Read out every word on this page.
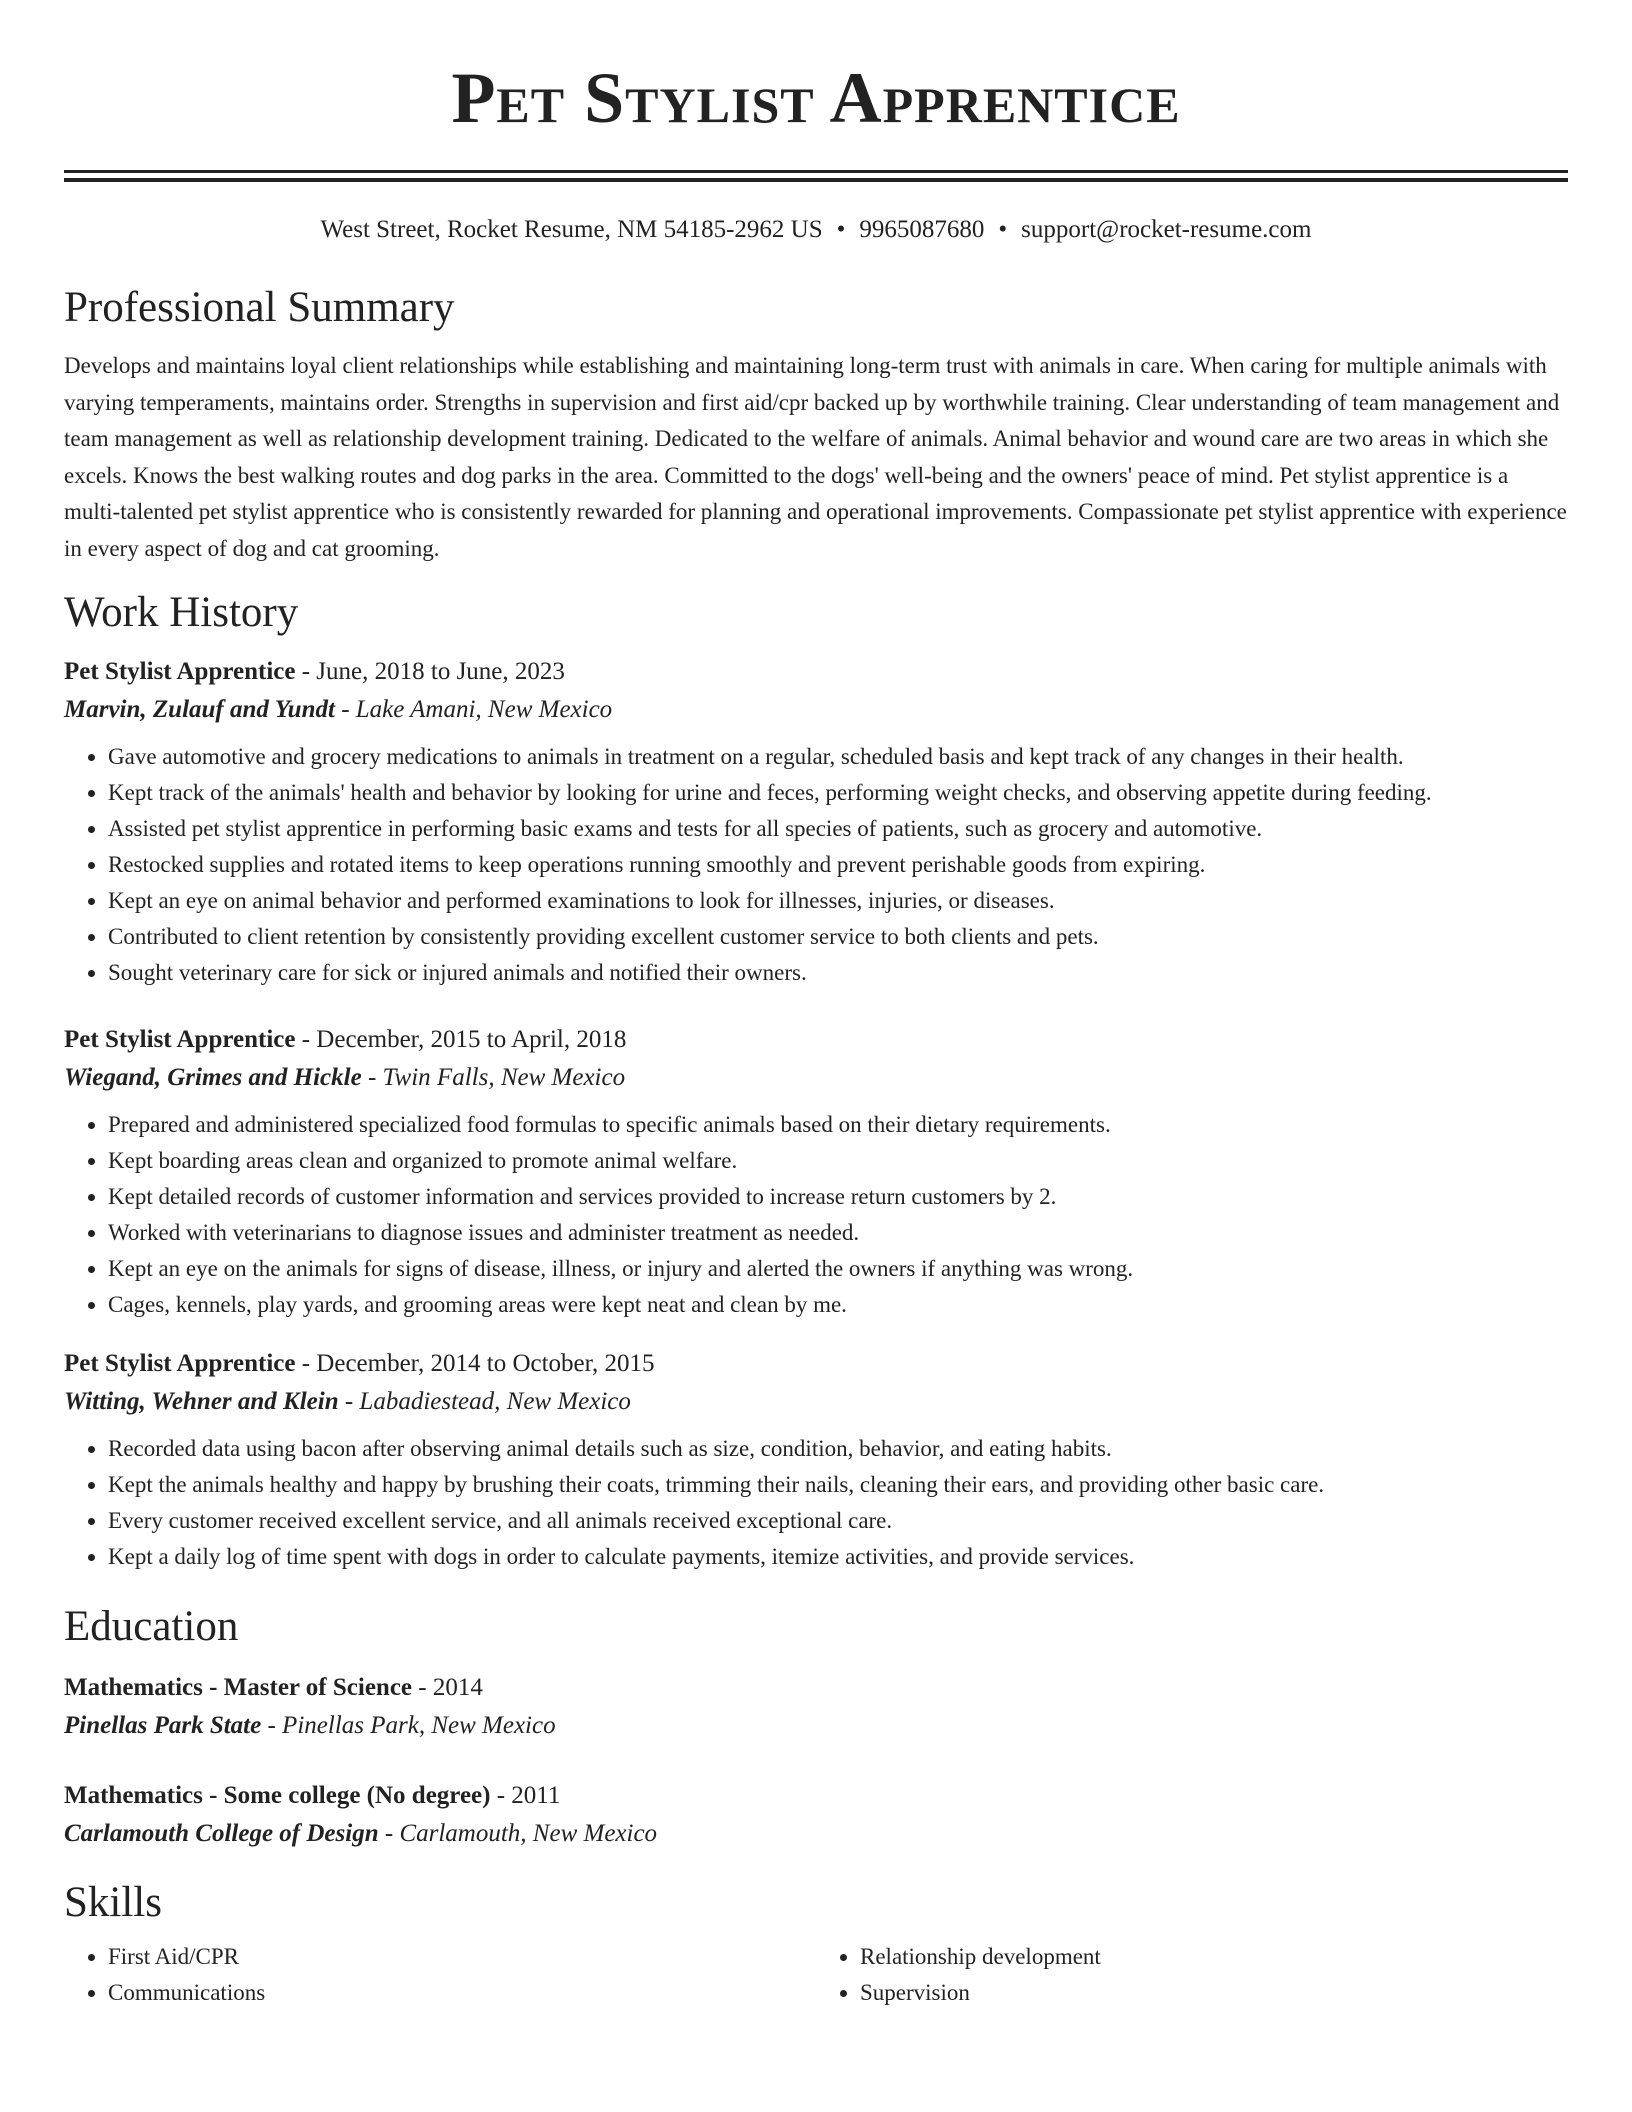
Pet Stylist Apprentice
West Street, Rocket Resume, NM 54185-2962 US • 9965087680 • support@rocket-resume.com
Professional Summary
Develops and maintains loyal client relationships while establishing and maintaining long-term trust with animals in care. When caring for multiple animals with varying temperaments, maintains order. Strengths in supervision and first aid/cpr backed up by worthwhile training. Clear understanding of team management and team management as well as relationship development training. Dedicated to the welfare of animals. Animal behavior and wound care are two areas in which she excels. Knows the best walking routes and dog parks in the area. Committed to the dogs' well-being and the owners' peace of mind. Pet stylist apprentice is a multi-talented pet stylist apprentice who is consistently rewarded for planning and operational improvements. Compassionate pet stylist apprentice with experience in every aspect of dog and cat grooming.
Work History
Pet Stylist Apprentice - June, 2018 to June, 2023
Marvin, Zulauf and Yundt - Lake Amani, New Mexico
• Gave automotive and grocery medications to animals in treatment on a regular, scheduled basis and kept track of any changes in their health.
• Kept track of the animals' health and behavior by looking for urine and feces, performing weight checks, and observing appetite during feeding.
• Assisted pet stylist apprentice in performing basic exams and tests for all species of patients, such as grocery and automotive.
• Restocked supplies and rotated items to keep operations running smoothly and prevent perishable goods from expiring.
• Kept an eye on animal behavior and performed examinations to look for illnesses, injuries, or diseases.
• Contributed to client retention by consistently providing excellent customer service to both clients and pets.
• Sought veterinary care for sick or injured animals and notified their owners.
Pet Stylist Apprentice - December, 2015 to April, 2018
Wiegand, Grimes and Hickle - Twin Falls, New Mexico
• Prepared and administered specialized food formulas to specific animals based on their dietary requirements.
• Kept boarding areas clean and organized to promote animal welfare.
• Kept detailed records of customer information and services provided to increase return customers by 2.
• Worked with veterinarians to diagnose issues and administer treatment as needed.
• Kept an eye on the animals for signs of disease, illness, or injury and alerted the owners if anything was wrong.
• Cages, kennels, play yards, and grooming areas were kept neat and clean by me.
Pet Stylist Apprentice - December, 2014 to October, 2015
Witting, Wehner and Klein - Labadiestead, New Mexico
• Recorded data using bacon after observing animal details such as size, condition, behavior, and eating habits.
• Kept the animals healthy and happy by brushing their coats, trimming their nails, cleaning their ears, and providing other basic care.
• Every customer received excellent service, and all animals received exceptional care.
• Kept a daily log of time spent with dogs in order to calculate payments, itemize activities, and provide services.
Education
Mathematics - Master of Science - 2014
Pinellas Park State - Pinellas Park, New Mexico
Mathematics - Some college (No degree) - 2011
Carlamouth College of Design - Carlamouth, New Mexico
Skills
• First Aid/CPR
• Communications
• Relationship development
• Supervision
